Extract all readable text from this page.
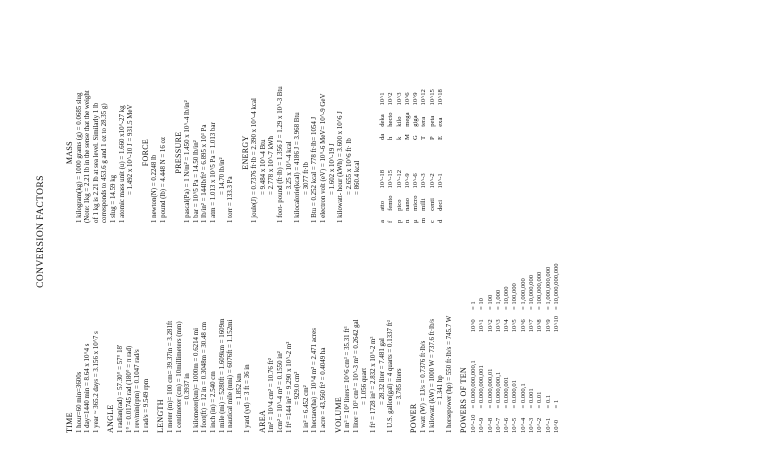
CONVERSION FACTORS
TIME 1 hour=60 min=3600s 1 day=1440 min = 8.64 x 10^4 s 1 year ~ 365.2 days = 3.156 x 10^7 s ANGLE 1 radian(rad) = 57.30° = 57° 18' 1° = 0.01745 rad (180° = π rad) 1 rev/min(rpm) = 0.1047 rad/s 1 rad/s = 9.549 rpm LENGTH 1 meter (m)= 100 cm= 39.37in = 3.281ft 1 centimeter (cm) = 10millimeters (mm) = 0.3937 in 1 kilometer(km)= 1000m = 0.6214 mi 1 foot(ft) = 12 in = 0.3048m = 30.48 cm 1 inch (in) = 2.540 cm 1 mile (mi) = 5280ft = 1.609km = 1609m 1 nautical mile (nmi) = 6076ft = 1.152mi = 1.852 km 1 yard (yd) = 3 ft = 36 in AREA 1m² = 10^4 cm² = 10.76 ft² 1cm² = 10^-4 m² = 0.1550 in² 1 ft² =144 in² = 9.290 x 10^-2 m² = 929.0 cm² 1 in² = 6.452 cm² 1 hectare(ha) = 10^4 m² = 2.471 acres 1 acre = 43,560 ft² = 0.4049 ha VOLUME 1 m³ = 10³ liters= 10^6 cm³ = 35.31 ft³ 1 liter = 10³ cm³ = 10^-3 m³ = 0.2642 gal = 1.056 quart 1 ft³ = 1728 in³ = 2.832 x 10^-2 m³ = 28.32 liter = 7.481 gal 1 U.S. gallon(gal) = 4 quarts = 0.1337 ft³ = 3.785 liters
POWER 1 watt (W) = 1J/s = 0.7376 ft·lb/s 1 kilowatt (kW) = 1000 W = 737.6 ft·lb/s = 1.341 hp 1 horsepower (hp) = 550 ft·lb/s = 745.7 W POWERS OF TEN 10^-10	= 0.000,000,000,1	10^0	= 1
10^-9	= 0.000,000,001	10^1	= 10
10^-8	= 0.000,000,01	10^2	= 100
10^-7	= 0.000,000,1	10^3	= 1,000
10^-6	= 0.000,001	10^4	= 10,000
10^-5	= 0.000,01	10^5	= 100,000
10^-4	= 0.000,1	10^6	= 1,000,000
10^-3	= 0.001	10^7	= 10,000,000
10^-2	= 0.01	10^8	= 100,000,000
10^-1	= 0.1	10^9	= 1,000,000,000
10^0	= 1	10^10	= 10,000,000,000
MASS 1 kilogram(kg) = 1000 grams (g) = 0.0685 slug (Note: 1kg = 2.21 lb in the sense that the weight of 1 kg is 2.21 lb at sea level. Similarly 1 lb corresponds to 453.6 g and 1 oz to 28.35 g) 1 slug = 14.59 kg 1 atomic mass unit (u) = 1.660 x10^-27 kg = 1.492 x 10^-10 J = 931.5 MeV FORCE
1 newton(N) = 0.2248 lb 1 pound (lb) = 4.448 N = 16 oz PRESSURE 1 pascal(Pa) = 1 N/m² = 1.450 x 10^-4 lb/in² 1 bar = 10^5 Pa = 14.50 lb/in² 1 lb/in² = 144lb/ft² = 6.895 x 10³ Pa 1 atm = 1.013 x 10^5 Pa = 1.013 bar = 14.70 lb/in²
1 torr = 133.3 Pa
ENERGY 1 joule(J) = 0.7376 ft·lb = 2.390 x 10^-4 kcal = 9.484 x 10^-4 Btu = 2.778 x 10^-7 kWh 1 foot- pound (ft·lb) = 1.356 J = 1.29 x 10^-3 Btu = 3.25 x 10^-4 kcal 1 kilocalorie(kcal) = 4186 J = 3.968 Btu = 3077 ft·lb 1 Btu = 0.252 kcal = 778 ft·lb= 1054 J 1 electron volt (eV) = 10^-6 MeV= 10^-9 GeV = 1.602 x 10^-19 J 1 kilowatt- hour (kWh) = 3.600 x 10^6 J = 2.655 x 10^6 ft· lb = 860.4 kcal
a	atto	10^-18	da	deka	10^1
f	femto	10^-15	h	hecto	10^2
p	pico	10^-12	k	kilo	10^3
n	nano	10^-9	M	mega	10^6
μ	micro	10^-6	G	giga	10^9
m	milli	10^-3	T	tera	10^12
c	centi	10^-2	P	peta	10^15
d	deci	10^-1	E	exa	10^18
